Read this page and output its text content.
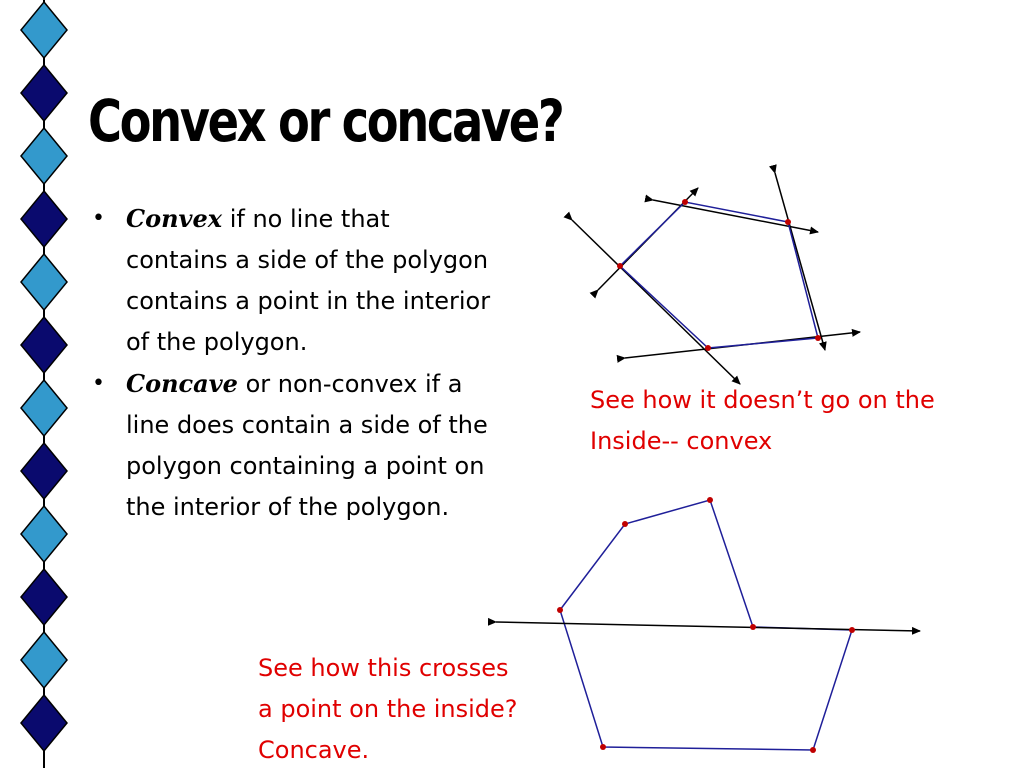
Convex or concave?
• Convex if no line that contains a side of the polygon contains a point in the interior of the polygon.
• Concave or non-convex if a line does contain a side of the polygon containing a point on the interior of the polygon.
See how it doesn’t go on the
Inside-- convex
See how this crosses
a point on the inside?
Concave.
